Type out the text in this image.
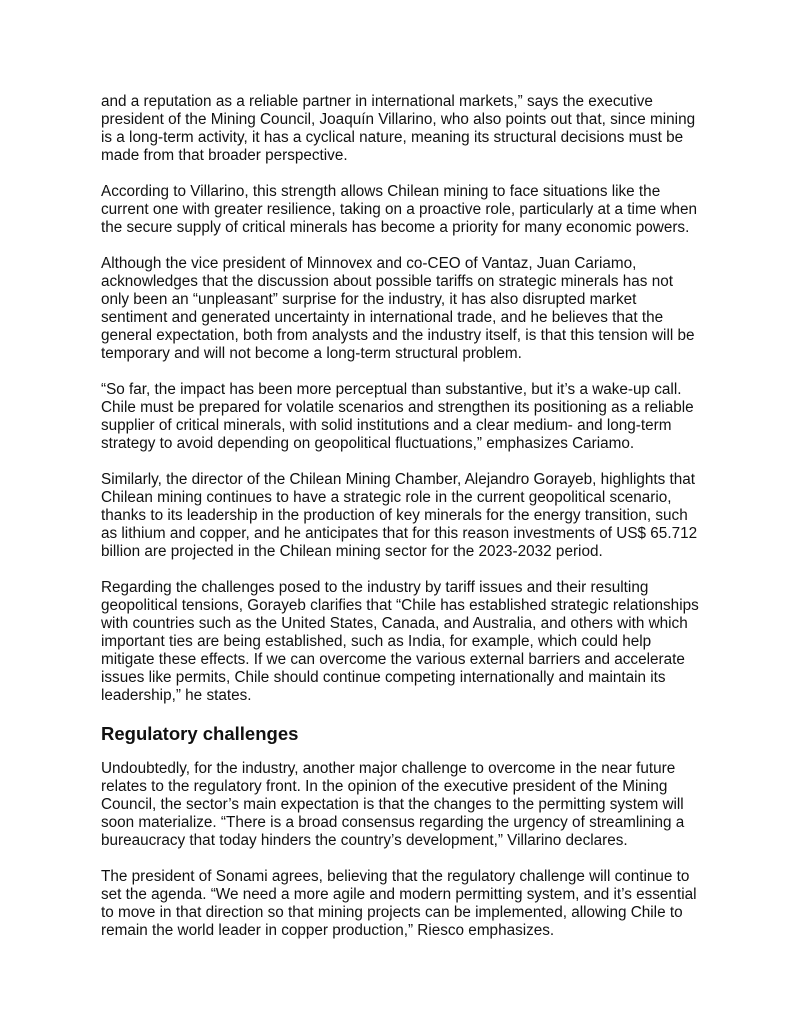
and a reputation as a reliable partner in international markets,” says the executive president of the Mining Council, Joaquín Villarino, who also points out that, since mining is a long-term activity, it has a cyclical nature, meaning its structural decisions must be made from that broader perspective.

According to Villarino, this strength allows Chilean mining to face situations like the current one with greater resilience, taking on a proactive role, particularly at a time when the secure supply of critical minerals has become a priority for many economic powers.

Although the vice president of Minnovex and co-CEO of Vantaz, Juan Cariamo, acknowledges that the discussion about possible tariffs on strategic minerals has not only been an “unpleasant” surprise for the industry, it has also disrupted market sentiment and generated uncertainty in international trade, and he believes that the general expectation, both from analysts and the industry itself, is that this tension will be temporary and will not become a long-term structural problem.

“So far, the impact has been more perceptual than substantive, but it’s a wake-up call. Chile must be prepared for volatile scenarios and strengthen its positioning as a reliable supplier of critical minerals, with solid institutions and a clear medium- and long-term strategy to avoid depending on geopolitical fluctuations,” emphasizes Cariamo.

Similarly, the director of the Chilean Mining Chamber, Alejandro Gorayeb, highlights that Chilean mining continues to have a strategic role in the current geopolitical scenario, thanks to its leadership in the production of key minerals for the energy transition, such as lithium and copper, and he anticipates that for this reason investments of US$ 65.712 billion are projected in the Chilean mining sector for the 2023-2032 period.

Regarding the challenges posed to the industry by tariff issues and their resulting geopolitical tensions, Gorayeb clarifies that “Chile has established strategic relationships with countries such as the United States, Canada, and Australia, and others with which important ties are being established, such as India, for example, which could help mitigate these effects. If we can overcome the various external barriers and accelerate issues like permits, Chile should continue competing internationally and maintain its leadership,” he states.

Regulatory challenges

Undoubtedly, for the industry, another major challenge to overcome in the near future relates to the regulatory front. In the opinion of the executive president of the Mining Council, the sector’s main expectation is that the changes to the permitting system will soon materialize. “There is a broad consensus regarding the urgency of streamlining a bureaucracy that today hinders the country’s development,” Villarino declares.

The president of Sonami agrees, believing that the regulatory challenge will continue to set the agenda. “We need a more agile and modern permitting system, and it’s essential to move in that direction so that mining projects can be implemented, allowing Chile to remain the world leader in copper production,” Riesco emphasizes.
